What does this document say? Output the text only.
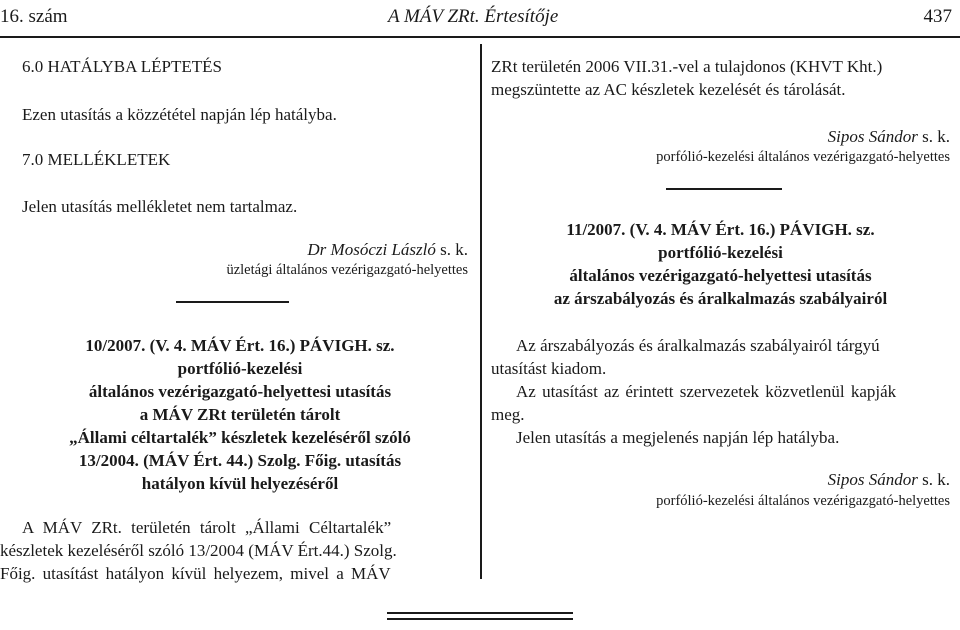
16. szám	A MÁV ZRt. Értesítője	437
6.0 HATÁLYBA LÉPTETÉS
Ezen utasítás a közzététel napján lép hatályba.
7.0 MELLÉKLETEK
Jelen utasítás mellékletet nem tartalmaz.
Dr Mosóczi László s. k.
üzletági általános vezérigazgató-helyettes
10/2007. (V. 4. MÁV Ért. 16.) PÁVIGH. sz.
portfólió-kezelési
általános vezérigazgató-helyettesi utasítás
a MÁV ZRt területén tárolt
„Állami céltartalék” készletek kezeléséről szóló
13/2004. (MÁV Ért. 44.) Szolg. Főig. utasítás
hatályon kívül helyezéséről
A MÁV ZRt. területén tárolt „Állami Céltartalék”
készletek kezeléséről szóló 13/2004 (MÁV Ért.44.) Szolg.
Főig. utasítást hatályon kívül helyezem, mivel a MÁV
ZRt területén 2006 VII.31.-vel a tulajdonos (KHVT Kht.)
megszüntette az AC készletek kezelését és tárolását.
Sipos Sándor s. k.
porfólió-kezelési általános vezérigazgató-helyettes
11/2007. (V. 4. MÁV Ért. 16.) PÁVIGH. sz.
portfólió-kezelési
általános vezérigazgató-helyettesi utasítás
az árszabályozás és áralkalmazás szabályairól
Az árszabályozás és áralkalmazás szabályairól tárgyú
utasítást kiadom.
Az utasítást az érintett szervezetek közvetlenül kapják
meg.
Jelen utasítás a megjelenés napján lép hatályba.
Sipos Sándor s. k.
porfólió-kezelési általános vezérigazgató-helyettes
